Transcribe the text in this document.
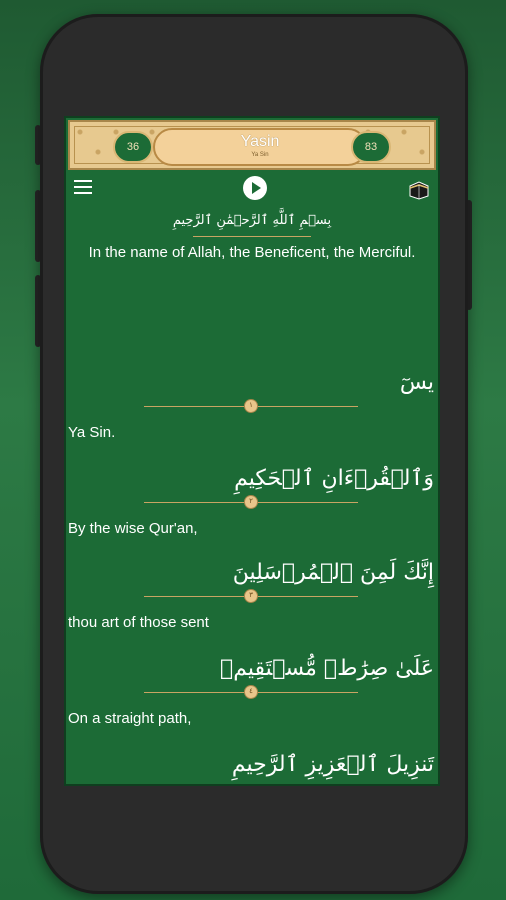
36	Yasin
Ya Sin
83
بِسۡمِ ٱللَّهِ ٱلرَّحۡمَٰنِ ٱلرَّحِيمِ
In the name of Allah, the Beneficent, the Merciful.
يسٓ
١
Ya Sin.
وَٱلۡقُرۡءَانِ ٱلۡحَكِيمِ
٢
By the wise Qur'an,
إِنَّكَ لَمِنَ ٱلۡمُرۡسَلِينَ
٣
thou art of those sent
عَلَىٰ صِرَٰطٖ مُّسۡتَقِيمٖ
٤
On a straight path,
تَنزِيلَ ٱلۡعَزِيزِ ٱلرَّحِيمِ
